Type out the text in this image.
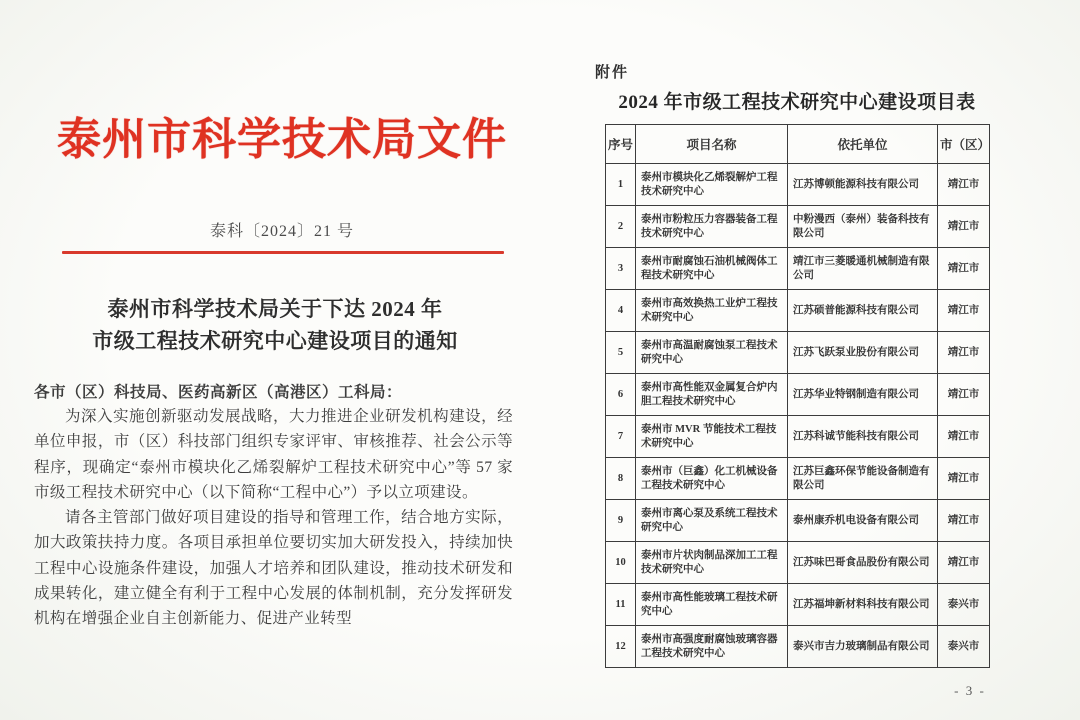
泰州市科学技术局文件
泰科〔2024〕21 号
泰州市科学技术局关于下达 2024 年
市级工程技术研究中心建设项目的通知
各市（区）科技局、医药高新区（高港区）工科局：

为深入实施创新驱动发展战略，大力推进企业研发机构建设，经单位申报，市（区）科技部门组织专家评审、审核推荐、社会公示等程序，现确定“泰州市模块化乙烯裂解炉工程技术研究中心”等 57 家市级工程技术研究中心（以下简称“工程中心”）予以立项建设。

请各主管部门做好项目建设的指导和管理工作，结合地方实际，加大政策扶持力度。各项目承担单位要切实加大研发投入，持续加快工程中心设施条件建设，加强人才培养和团队建设，推动技术研发和成果转化，建立健全有利于工程中心发展的体制机制，充分发挥研发机构在增强企业自主创新能力、促进产业转型

附件
2024 年市级工程技术研究中心建设项目表
序号	项目名称	依托单位	市（区）
1	泰州市模块化乙烯裂解炉工程技术研究中心	江苏博顿能源科技有限公司	靖江市
2	泰州市粉粒压力容器装备工程技术研究中心	中粉漫西（泰州）装备科技有限公司	靖江市
3	泰州市耐腐蚀石油机械阀体工程技术研究中心	靖江市三菱暖通机械制造有限公司	靖江市
4	泰州市高效换热工业炉工程技术研究中心	江苏硕普能源科技有限公司	靖江市
5	泰州市高温耐腐蚀泵工程技术研究中心	江苏飞跃泵业股份有限公司	靖江市
6	泰州市高性能双金属复合炉内胆工程技术研究中心	江苏华业特钢制造有限公司	靖江市
7	泰州市 MVR 节能技术工程技术研究中心	江苏科诚节能科技有限公司	靖江市
8	泰州市（巨鑫）化工机械设备工程技术研究中心	江苏巨鑫环保节能设备制造有限公司	靖江市
9	泰州市离心泵及系统工程技术研究中心	泰州康乔机电设备有限公司	靖江市
10	泰州市片状肉制品深加工工程技术研究中心	江苏味巴哥食品股份有限公司	靖江市
11	泰州市高性能玻璃工程技术研究中心	江苏福坤新材料科技有限公司	泰兴市
12	泰州市高强度耐腐蚀玻璃容器工程技术研究中心	泰兴市吉力玻璃制品有限公司	泰兴市
- 3 -
